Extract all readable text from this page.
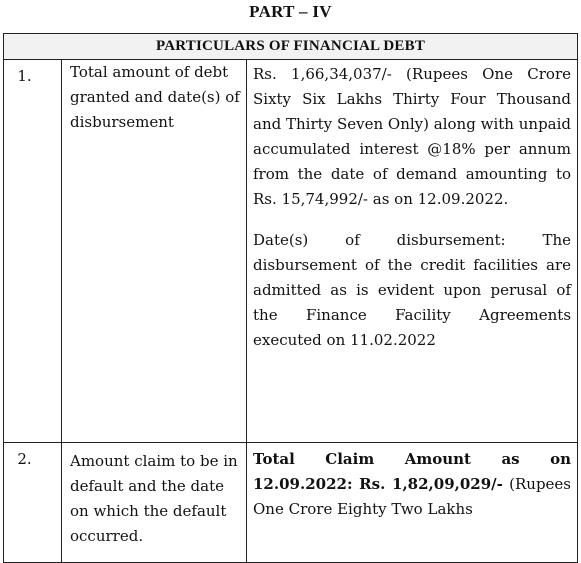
PART – IV
PARTICULARS OF FINANCIAL DEBT		

1.	Total amount of debt granted and date(s) of disbursement	Rs. 1,66,34,037/- (Rupees One Crore Sixty Six Lakhs Thirty Four Thousand and Thirty Seven Only) along with unpaid accumulated interest @18% per annum from the date of demand amounting to Rs. 15,74,992/- as on 12.09.2022.
Date(s) of disbursement: The disbursement of the credit facilities are admitted as is evident upon perusal of the Finance Facility Agreements executed on 11.02.2022

2.	Amount claim to be in default and the date on which the default occurred.	Total Claim Amount as on 12.09.2022: Rs. 1,82,09,029/- (Rupees One Crore Eighty Two Lakhs
